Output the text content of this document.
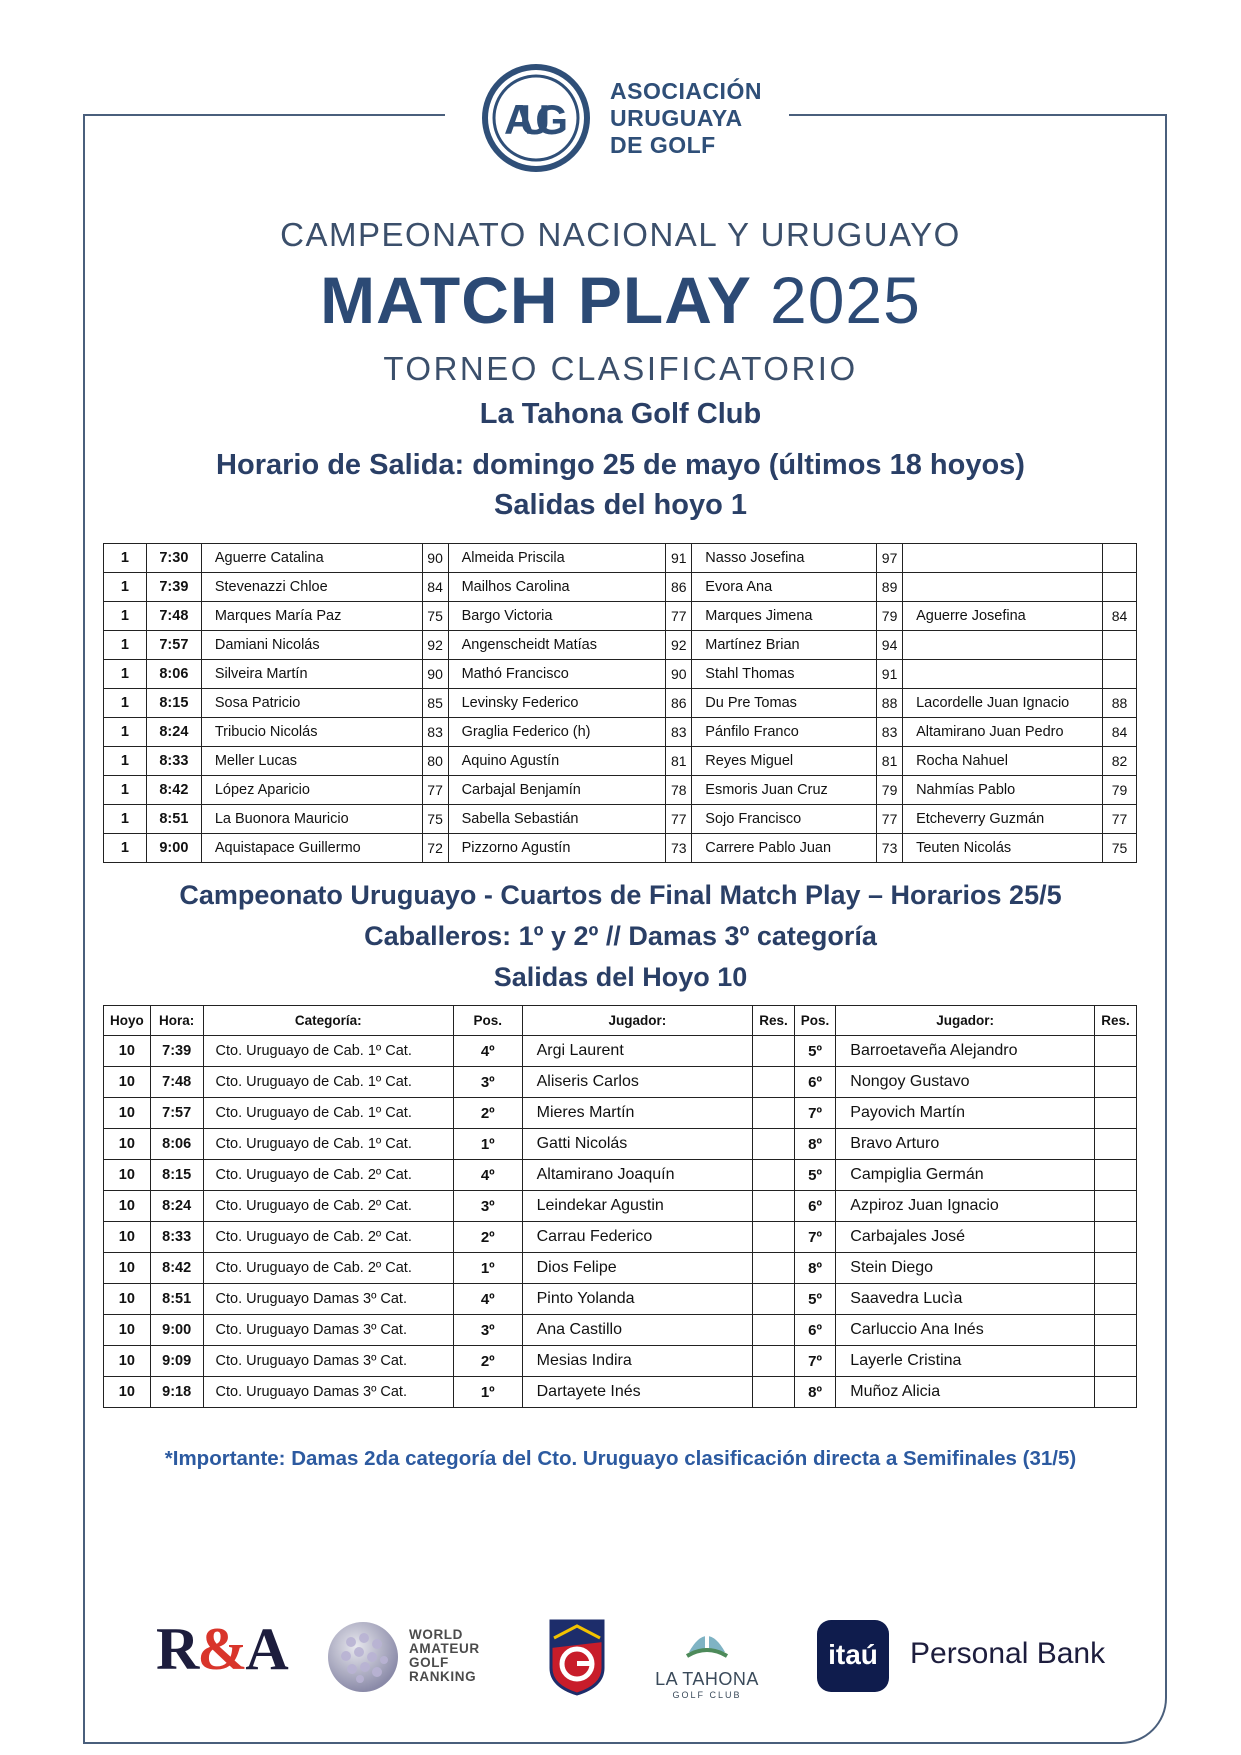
AUG
ASOCIACIÓN
URUGUAYA
DE GOLF
CAMPEONATO NACIONAL Y URUGUAYO
MATCH PLAY 2025
TORNEO CLASIFICATORIO
La Tahona Golf Club
Horario de Salida: domingo 25 de mayo (últimos 18 hoyos)
Salidas del hoyo 1
1	7:30	Aguerre Catalina	90	Almeida Priscila	91	Nasso Josefina	97		
1	7:39	Stevenazzi Chloe	84	Mailhos Carolina	86	Evora Ana	89		
1	7:48	Marques María Paz	75	Bargo Victoria	77	Marques Jimena	79	Aguerre Josefina	84
1	7:57	Damiani Nicolás	92	Angenscheidt Matías	92	Martínez Brian	94		
1	8:06	Silveira Martín	90	Mathó Francisco	90	Stahl Thomas	91		
1	8:15	Sosa Patricio	85	Levinsky Federico	86	Du Pre Tomas	88	Lacordelle Juan Ignacio	88
1	8:24	Tribucio Nicolás	83	Graglia Federico (h)	83	Pánfilo Franco	83	Altamirano Juan Pedro	84
1	8:33	Meller Lucas	80	Aquino Agustín	81	Reyes Miguel	81	Rocha Nahuel	82
1	8:42	López Aparicio	77	Carbajal Benjamín	78	Esmoris Juan Cruz	79	Nahmías Pablo	79
1	8:51	La Buonora Mauricio	75	Sabella Sebastián	77	Sojo Francisco	77	Etcheverry Guzmán	77
1	9:00	Aquistapace Guillermo	72	Pizzorno Agustín	73	Carrere Pablo Juan	73	Teuten Nicolás	75
Campeonato Uruguayo - Cuartos de Final Match Play – Horarios 25/5
Caballeros: 1º y 2º // Damas 3º categoría
Salidas del Hoyo 10
Hoyo	Hora:	Categoría:	Pos.	Jugador:	Res.	Pos.	Jugador:	Res.
10	7:39	Cto. Uruguayo de Cab. 1º Cat.	4º	Argi Laurent		5º	Barroetaveña Alejandro	
10	7:48	Cto. Uruguayo de Cab. 1º Cat.	3º	Aliseris Carlos		6º	Nongoy Gustavo	
10	7:57	Cto. Uruguayo de Cab. 1º Cat.	2º	Mieres Martín		7º	Payovich Martín	
10	8:06	Cto. Uruguayo de Cab. 1º Cat.	1º	Gatti Nicolás		8º	Bravo Arturo	
10	8:15	Cto. Uruguayo de Cab. 2º Cat.	4º	Altamirano Joaquín		5º	Campiglia Germán	
10	8:24	Cto. Uruguayo de Cab. 2º Cat.	3º	Leindekar Agustin		6º	Azpiroz Juan Ignacio	
10	8:33	Cto. Uruguayo de Cab. 2º Cat.	2º	Carrau Federico		7º	Carbajales José	
10	8:42	Cto. Uruguayo de Cab. 2º Cat.	1º	Dios Felipe		8º	Stein Diego	
10	8:51	Cto. Uruguayo Damas 3º Cat.	4º	Pinto Yolanda		5º	Saavedra Lucìa	
10	9:00	Cto. Uruguayo Damas 3º Cat.	3º	Ana Castillo		6º	Carluccio Ana Inés	
10	9:09	Cto. Uruguayo Damas 3º Cat.	2º	Mesias Indira		7º	Layerle Cristina	
10	9:18	Cto. Uruguayo Damas 3º Cat.	1º	Dartayete Inés		8º	Muñoz Alicia	
*Importante: Damas 2da categoría del Cto. Uruguayo clasificación directa a Semifinales (31/5)
R&A	WORLD
AMATEUR
GOLF
RANKING	LA TAHONA
GOLF CLUB
itaú	Personal Bank
